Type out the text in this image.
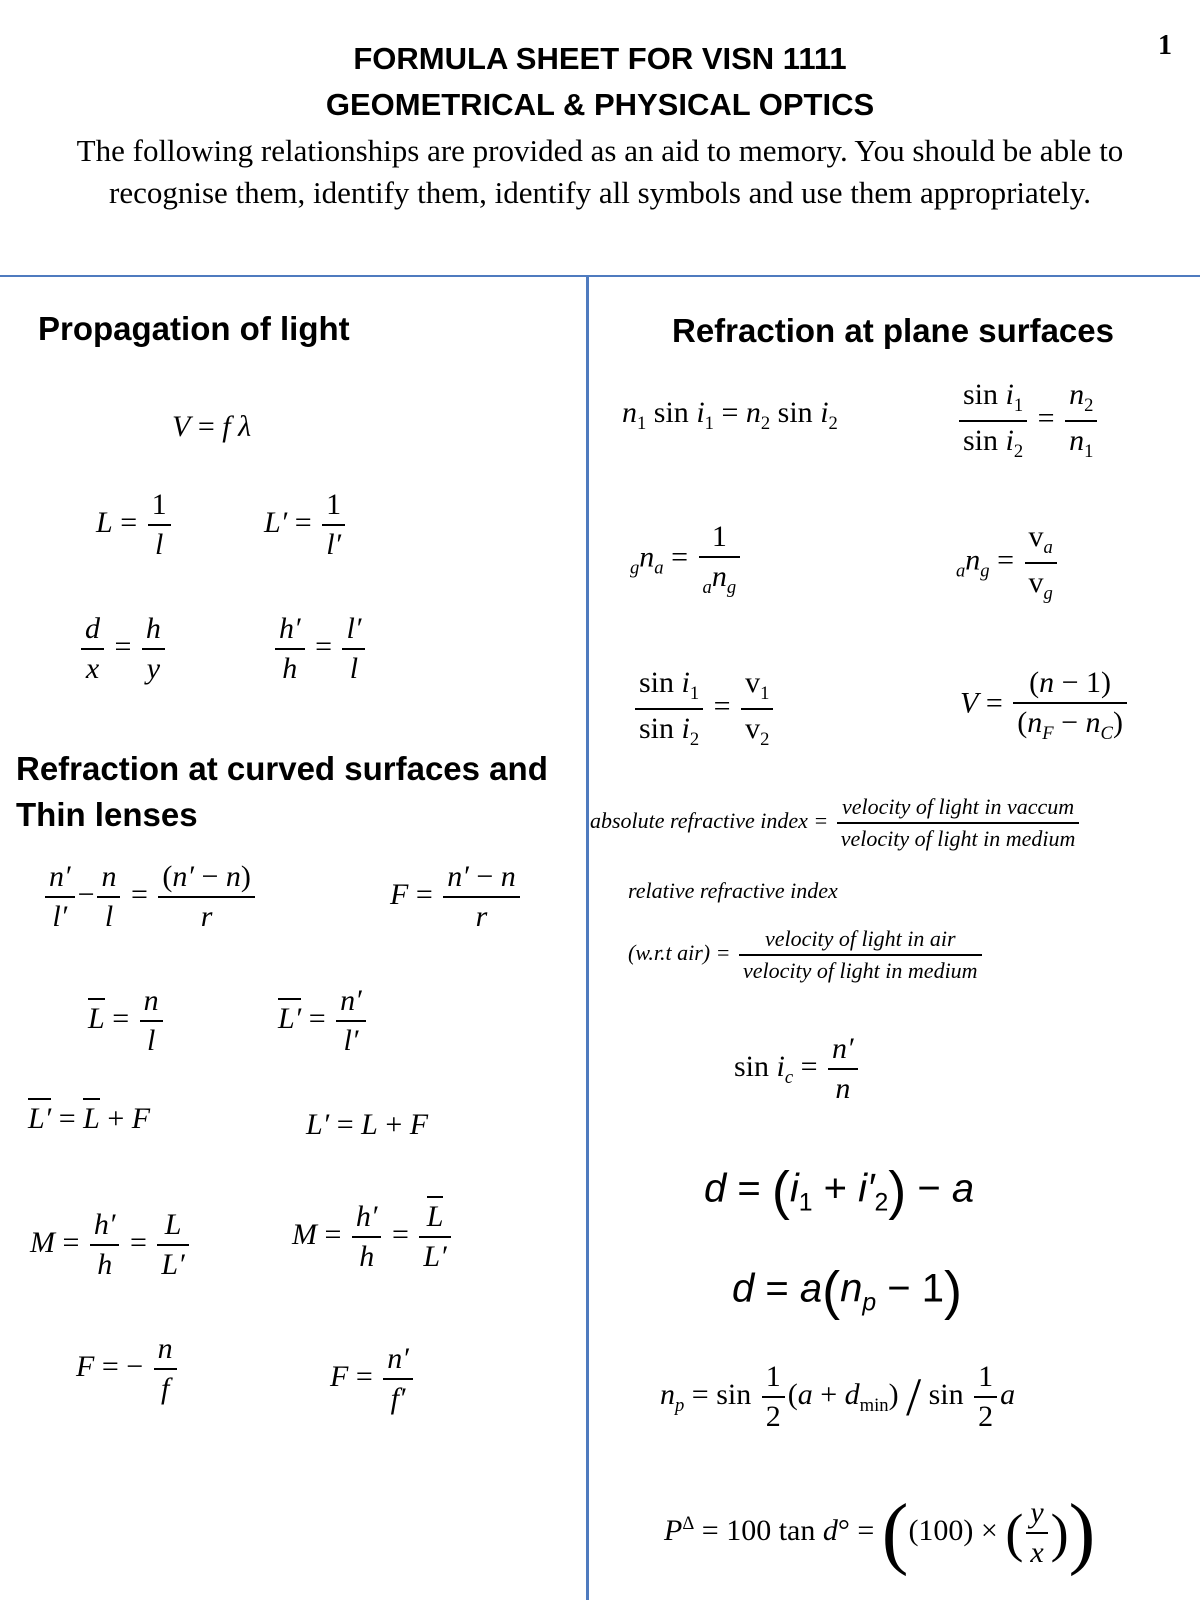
1
FORMULA SHEET FOR VISN 1111
GEOMETRICAL & PHYSICAL OPTICS
The following relationships are provided as an aid to memory. You should be able to recognise them, identify them, identify all symbols and use them appropriately.
Propagation of light
V = f λ
$L = \frac{1}{l}$	$L' = \frac{1}{l'}$
$\frac{d}{x} = \frac{h}{y}$	$\frac{h'}{h} = \frac{l'}{l}$
Refraction at curved surfaces and
Thin lenses
$\frac{n'}{l'} - \frac{n}{l} = \frac{(n' - n)}{r}$	$F = \frac{n' - n}{r}$
$L = \frac{n}{l}$	$L' = \frac{n'}{l'}$
L′ = L + F	L′ = L + F
$M = \frac{h'}{h} = \frac{L}{L'}$	$M = \frac{h'}{h} = \frac{L}{L'}$
F = − $\frac{n}{f}$	$F = \frac{n'}{f'}$
Refraction at plane surfaces
$n_1$ $\sin i_1 = n_2$ $\sin i_2$	$\frac{\sin i_1}{\sin i_2} = \frac{n_2}{n_1}$
$_gn_a = \frac{1}{_an_g}$	$_an_g = \frac{v_a}{v_g}$
$\frac{\sin i_1}{\sin i_2} = \frac{v_1}{v_2}$	$V = \frac{(n - 1)}{(n_F - n_C)}$
absolute refractive index = $\frac{\text{velocity of light in vaccum}}{\text{velocity of light in medium}}$
relative refractive index
(w.r.t $air) = \frac{\text{velocity of light in air}}{\text{velocity of light in medium}}$
$\sin i_c = \frac{n'}{n}$
$d = (i_1 + i'_2) - a$
$d = a(n_p - 1)$
$n_p = \sin \frac{1}{2} (a + d_{min}) / \sin \frac{1}{2}$ a
$P^\Delta = 100$ tan d° = ((100) × ( $\frac{y}{x}$ ))
